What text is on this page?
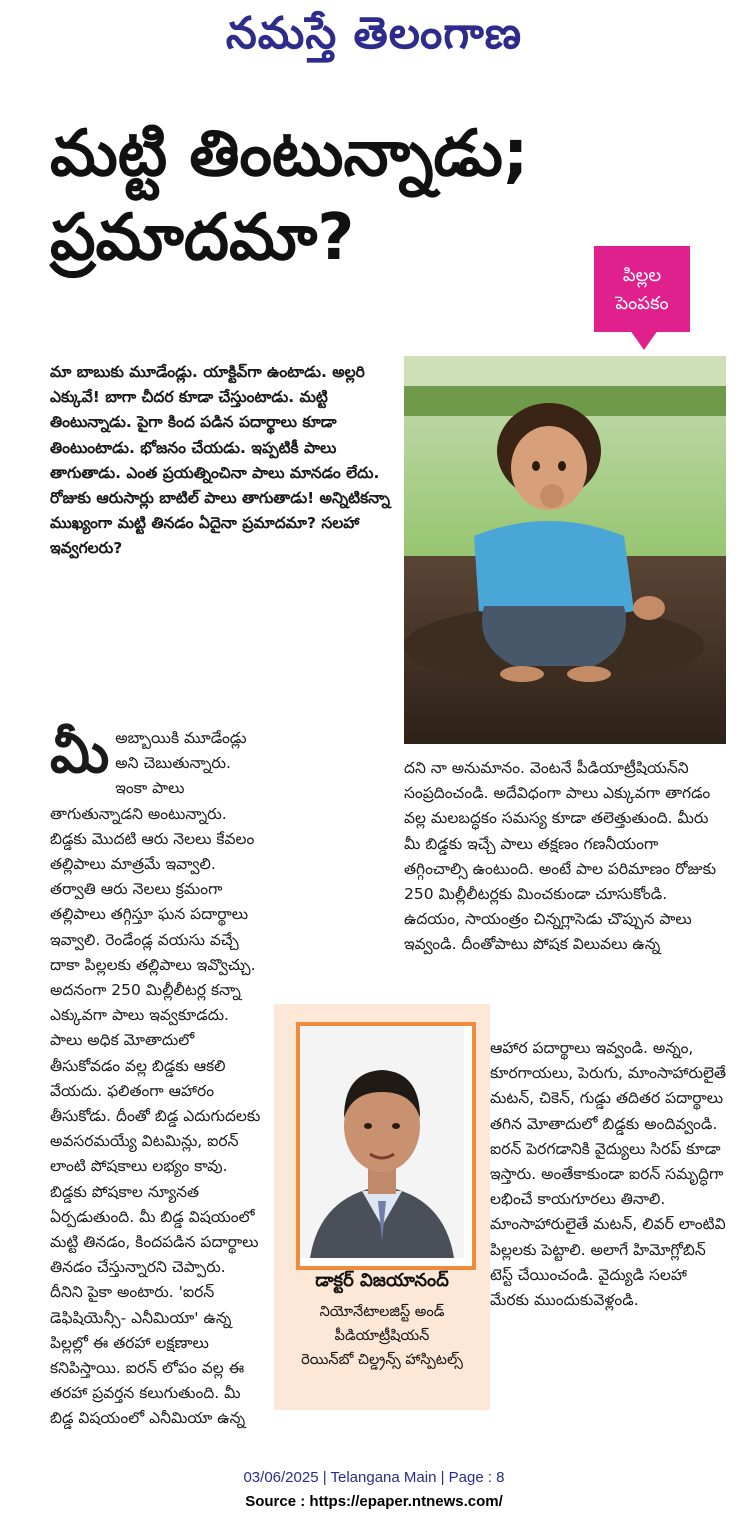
నమస్తే తెలంగాణ
మట్టి తింటున్నాడు; ప్రమాదమా?
పిల్లల
పెంపకం

మా బాబుకు మూడేండ్లు. యాక్టివ్‌గా ఉంటాడు. అల్లరి ఎక్కువే! బాగా చీదర కూడా చేస్తుంటాడు. మట్టి తింటున్నాడు. పైగా కింద పడిన పదార్థాలు కూడా తింటుంటాడు. భోజనం చేయడు. ఇప్పటికీ పాలు తాగుతాడు. ఎంత ప్రయత్నించినా పాలు మానడం లేదు. రోజుకు ఆరుసార్లు బాటిల్ పాలు తాగుతాడు! అన్నిటికన్నా ముఖ్యంగా మట్టి తినడం ఏదైనా ప్రమాదమా? సలహా ఇవ్వగలరు?

మీఅబ్బాయికి మూడేండ్లు అని చెబుతున్నారు. ఇంకా పాలు తాగుతున్నాడని అంటున్నారు. బిడ్డకు మొదటి ఆరు నెలలు కేవలం తల్లిపాలు మాత్రమే ఇవ్వాలి. తర్వాతి ఆరు నెలలు క్రమంగా తల్లిపాలు తగ్గిస్తూ ఘన పదార్థాలు ఇవ్వాలి. రెండేండ్ల వయసు వచ్చే దాకా పిల్లలకు తల్లిపాలు ఇవ్వొచ్చు. అదనంగా 250 మిల్లీలీటర్ల కన్నా ఎక్కువగా పాలు ఇవ్వకూడదు. పాలు అధిక మోతాదులో తీసుకోవడం వల్ల బిడ్డకు ఆకలి వేయదు. ఫలితంగా ఆహారం తీసుకోడు. దీంతో బిడ్డ ఎదుగుదలకు అవసరమయ్యే విటమిన్లు, ఐరన్ లాంటి పోషకాలు లభ్యం కావు. బిడ్డకు పోషకాల న్యూనత ఏర్పడుతుంది. మీ బిడ్డ విషయంలో మట్టి తినడం, కిందపడిన పదార్థాలు తినడం చేస్తున్నారని చెప్పారు. దీనిని పైకా అంటారు. 'ఐరన్ డెఫిషియెన్సీ- ఎనీమియా' ఉన్న పిల్లల్లో ఈ తరహా లక్షణాలు కనిపిస్తాయి. ఐరన్ లోపం వల్ల ఈ తరహా ప్రవర్తన కలుగుతుంది. మీ బిడ్డ విషయంలో ఎనీమియా ఉన్న

దని నా అనుమానం. వెంటనే పీడియాట్రీషియన్‌ని సంప్రదించండి. అదేవిధంగా పాలు ఎక్కువగా తాగడం వల్ల మలబద్ధకం సమస్య కూడా తలెత్తుతుంది. మీరు మీ బిడ్డకు ఇచ్చే పాలు తక్షణం గణనీయంగా తగ్గించాల్సి ఉంటుంది. అంటే పాల పరిమాణం రోజుకు 250 మిల్లీలీటర్లకు మించకుండా చూసుకోండి. ఉదయం, సాయంత్రం చిన్నగ్లాసెడు చొప్పున పాలు ఇవ్వండి. దీంతోపాటు పోషక విలువలు ఉన్న

డాక్టర్ విజయానంద్
నియోనేటాలజిస్ట్ అండ్
పీడియాట్రీషియన్
రెయిన్‌బో చిల్డ్రన్స్ హాస్పిటల్స్

ఆహార పదార్థాలు ఇవ్వండి. అన్నం, కూరగాయలు, పెరుగు, మాంసాహారులైతే మటన్, చికెన్, గుడ్డు తదితర పదార్థాలు తగిన మోతాదులో బిడ్డకు అందివ్వండి. ఐరన్ పెరగడానికి వైద్యులు సిరప్ కూడా ఇస్తారు. అంతేకాకుండా ఐరన్ సమృద్ధిగా లభించే కాయగూరలు తినాలి. మాంసాహారులైతే మటన్, లివర్ లాంటివి పిల్లలకు పెట్టాలి. అలాగే హిమోగ్లోబిన్ టెస్ట్ చేయించండి. వైద్యుడి సలహా మేరకు ముందుకువెళ్లండి.

03/06/2025 | Telangana Main | Page : 8
Source : https://epaper.ntnews.com/
